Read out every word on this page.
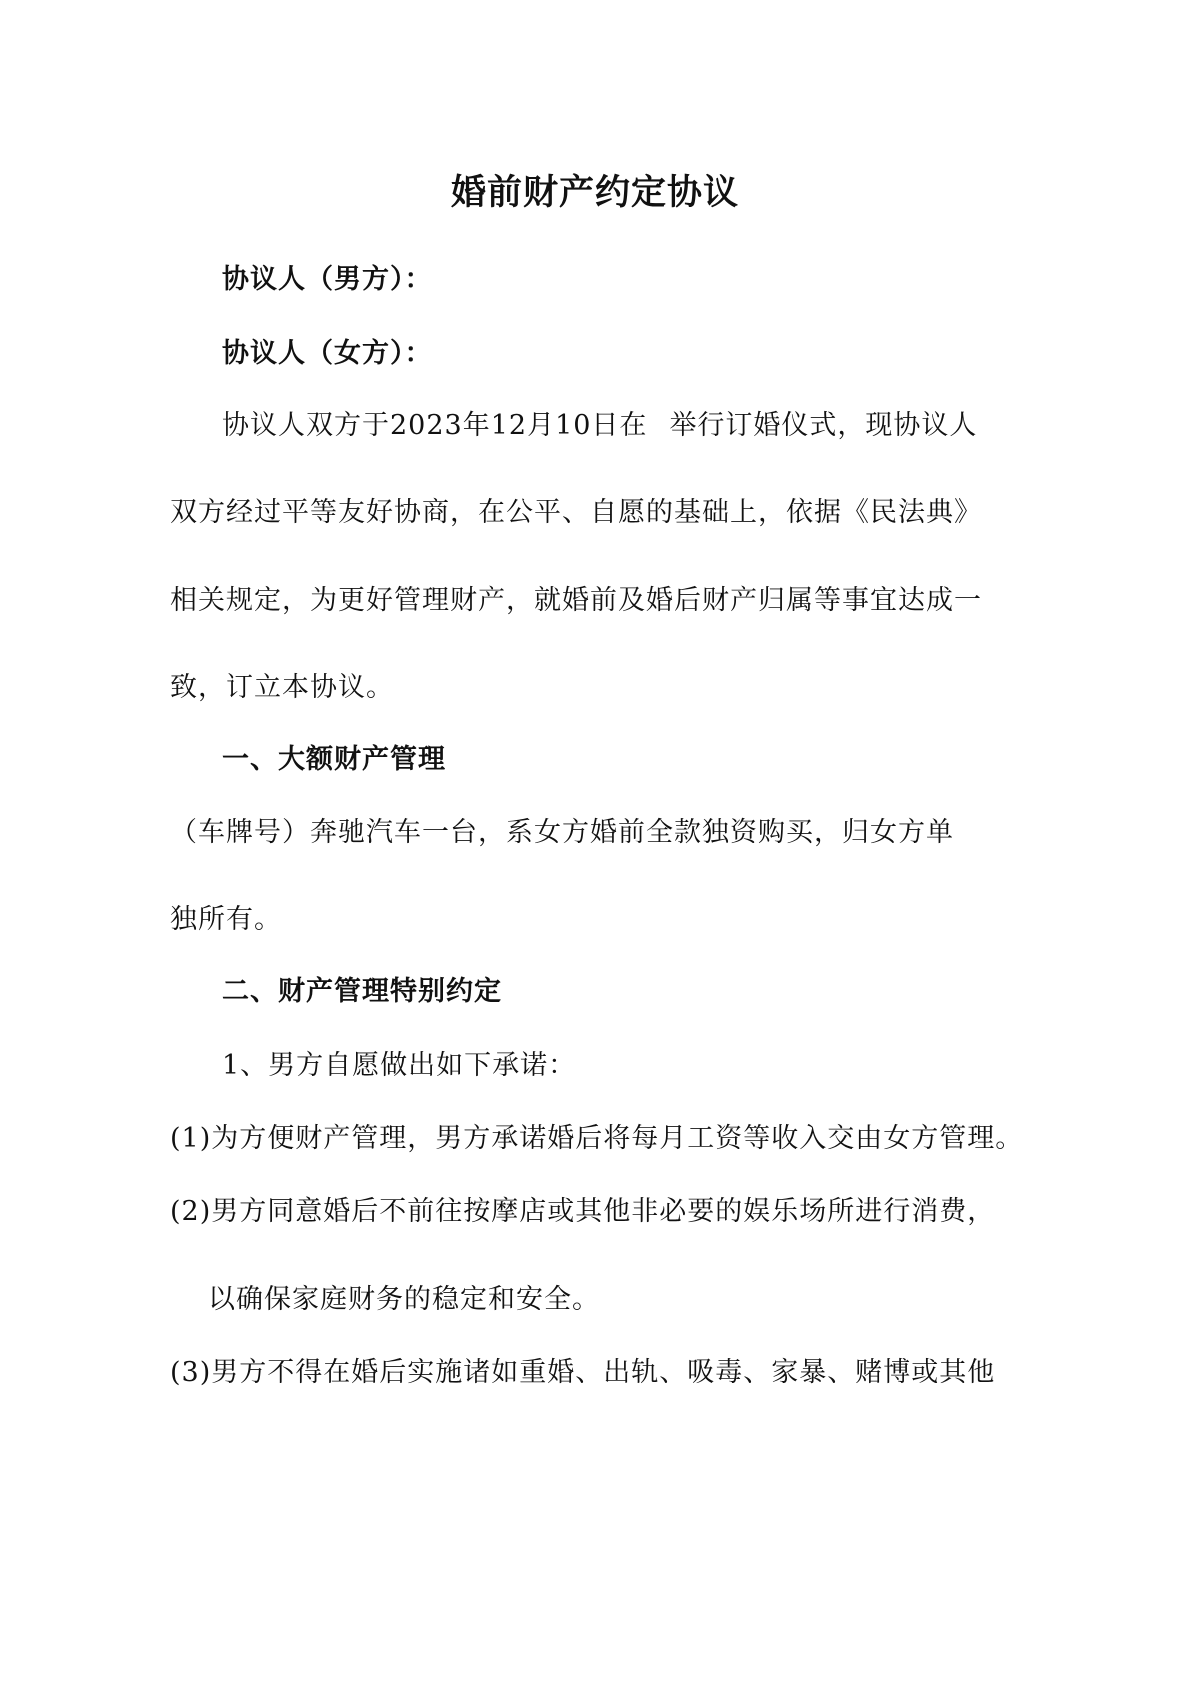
婚前财产约定协议

协议人（男方）：

协议人（女方）：

协议人双方于2023年12月10日在 举行订婚仪式，现协议人

双方经过平等友好协商，在公平、自愿的基础上，依据《民法典》

相关规定，为更好管理财产，就婚前及婚后财产归属等事宜达成一

致，订立本协议。

一、大额财产管理

（车牌号）奔驰汽车一台，系女方婚前全款独资购买，归女方单

独所有。

二、财产管理特别约定

1、男方自愿做出如下承诺：

(1)为方便财产管理，男方承诺婚后将每月工资等收入交由女方管理。

(2)男方同意婚后不前往按摩店或其他非必要的娱乐场所进行消费，

以确保家庭财务的稳定和安全。

(3)男方不得在婚后实施诸如重婚、出轨、吸毒、家暴、赌博或其他
